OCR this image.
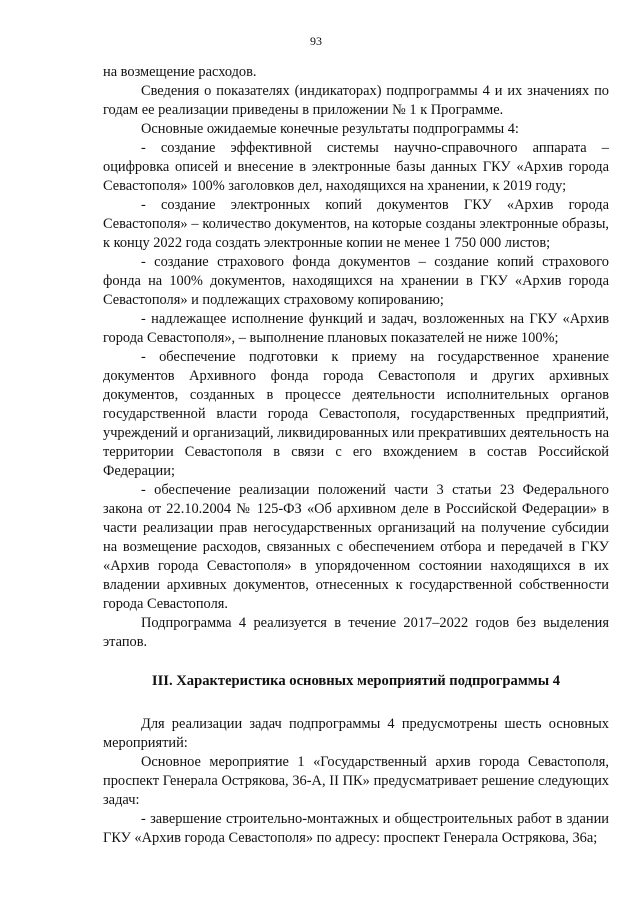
93

на возмещение расходов.

Сведения о показателях (индикаторах) подпрограммы 4 и их значениях по годам ее реализации приведены в приложении № 1 к Программе.

Основные ожидаемые конечные результаты подпрограммы 4:

- создание эффективной системы научно-справочного аппарата – оцифровка описей и внесение в электронные базы данных ГКУ «Архив города Севастополя» 100% заголовков дел, находящихся на хранении, к 2019 году;

- создание электронных копий документов ГКУ «Архив города Севастополя» – количество документов, на которые созданы электронные образы, к концу 2022 года создать электронные копии не менее 1 750 000 листов;

- создание страхового фонда документов – создание копий страхового фонда на 100% документов, находящихся на хранении в ГКУ «Архив города Севастополя» и подлежащих страховому копированию;

- надлежащее исполнение функций и задач, возложенных на ГКУ «Архив города Севастополя», – выполнение плановых показателей не ниже 100%;

- обеспечение подготовки к приему на государственное хранение документов Архивного фонда города Севастополя и других архивных документов, созданных в процессе деятельности исполнительных органов государственной власти города Севастополя, государственных предприятий, учреждений и организаций, ликвидированных или прекративших деятельность на территории Севастополя в связи с его вхождением в состав Российской Федерации;

- обеспечение реализации положений части 3 статьи 23 Федерального закона от 22.10.2004 № 125-ФЗ «Об архивном деле в Российской Федерации» в части реализации прав негосударственных организаций на получение субсидии на возмещение расходов, связанных с обеспечением отбора и передачей в ГКУ «Архив города Севастополя» в упорядоченном состоянии находящихся в их владении архивных документов, отнесенных к государственной собственности города Севастополя.

Подпрограмма 4 реализуется в течение 2017–2022 годов без выделения этапов.

III. Характеристика основных мероприятий подпрограммы 4

Для реализации задач подпрограммы 4 предусмотрены шесть основных мероприятий:

Основное мероприятие 1 «Государственный архив города Севастополя, проспект Генерала Острякова, 36-А, II ПК» предусматривает решение следующих задач:

- завершение строительно-монтажных и общестроительных работ в здании ГКУ «Архив города Севастополя» по адресу: проспект Генерала Острякова, 36а;
